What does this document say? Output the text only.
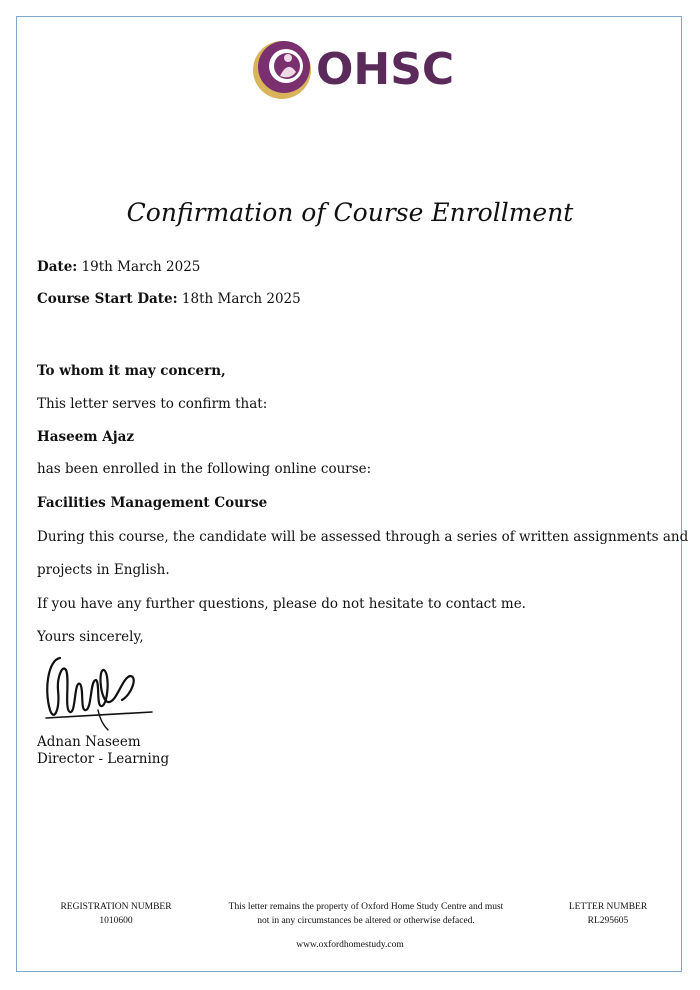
OHSC
Confirmation of Course Enrollment
Date: 19th March 2025
Course Start Date: 18th March 2025
To whom it may concern,
This letter serves to confirm that:
Haseem Ajaz
has been enrolled in the following online course:
Facilities Management Course
During this course, the candidate will be assessed through a series of written assignments and
projects in English.
If you have any further questions, please do not hesitate to contact me.
Yours sincerely,
Adnan Naseem
Director - Learning
REGISTRATION NUMBER
1010600
This letter remains the property of Oxford Home Study Centre and must
not in any circumstances be altered or otherwise defaced.
LETTER NUMBER
RL295605
www.oxfordhomestudy.com
